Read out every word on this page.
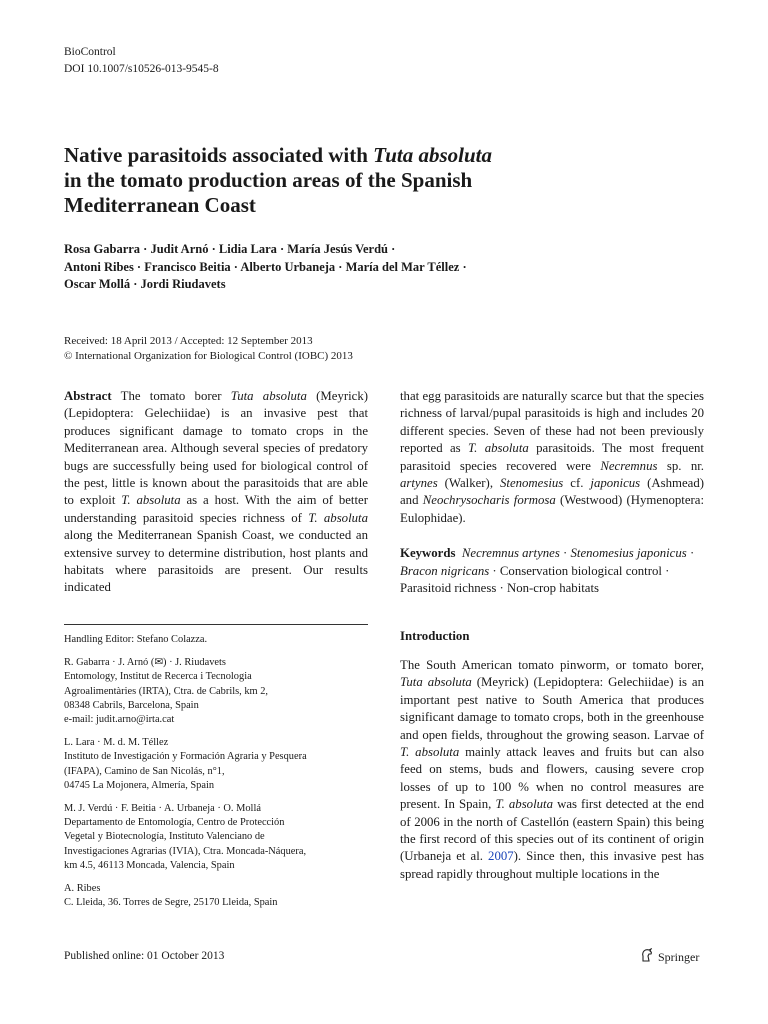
BioControl
DOI 10.1007/s10526-013-9545-8
Native parasitoids associated with Tuta absoluta
in the tomato production areas of the Spanish
Mediterranean Coast
Rosa Gabarra · Judit Arnó · Lidia Lara · María Jesús Verdú ·
Antoni Ribes · Francisco Beitia · Alberto Urbaneja · María del Mar Téllez ·
Oscar Mollá · Jordi Riudavets
Received: 18 April 2013 / Accepted: 12 September 2013
© International Organization for Biological Control (IOBC) 2013

Abstract The tomato borer Tuta absoluta (Meyrick) (Lepidoptera: Gelechiidae) is an invasive pest that produces significant damage to tomato crops in the Mediterranean area. Although several species of predatory bugs are successfully being used for biological control of the pest, little is known about the parasitoids that are able to exploit T. absoluta as a host. With the aim of better understanding parasitoid species richness of T. absoluta along the Mediterranean Spanish Coast, we conducted an extensive survey to determine distribution, host plants and habitats where parasitoids are present. Our results indicated

that egg parasitoids are naturally scarce but that the species richness of larval/pupal parasitoids is high and includes 20 different species. Seven of these had not been previously reported as T. absoluta parasitoids. The most frequent parasitoid species recovered were Necremnus sp. nr. artynes (Walker), Stenomesius cf. japonicus (Ashmead) and Neochrysocharis formosa (Westwood) (Hymenoptera: Eulophidae).

Keywords Necremnus artynes · Stenomesius japonicus · Bracon nigricans · Conservation biological control · Parasitoid richness · Non-crop habitats

Introduction

The South American tomato pinworm, or tomato borer, Tuta absoluta (Meyrick) (Lepidoptera: Gelechiidae) is an important pest native to South America that produces significant damage to tomato crops, both in the greenhouse and open fields, throughout the growing season. Larvae of T. absoluta mainly attack leaves and fruits but can also feed on stems, buds and flowers, causing severe crop losses of up to 100 % when no control measures are present. In Spain, T. absoluta was first detected at the end of 2006 in the north of Castellón (eastern Spain) this being the first record of this species out of its continent of origin (Urbaneja et al. 2007). Since then, this invasive pest has spread rapidly throughout multiple locations in the

Handling Editor: Stefano Colazza.
R. Gabarra · J. Arnó (✉) · J. Riudavets
Entomology, Institut de Recerca i Tecnologia
Agroalimentàries (IRTA), Ctra. de Cabrils, km 2,
08348 Cabrils, Barcelona, Spain
e-mail: judit.arno@irta.cat
L. Lara · M. d. M. Téllez
Instituto de Investigación y Formación Agraria y Pesquera
(IFAPA), Camino de San Nicolás, n°1,
04745 La Mojonera, Almería, Spain
M. J. Verdú · F. Beitia · A. Urbaneja · O. Mollá
Departamento de Entomología, Centro de Protección
Vegetal y Biotecnología, Instituto Valenciano de
Investigaciones Agrarias (IVIA), Ctra. Moncada-Náquera,
km 4.5, 46113 Moncada, Valencia, Spain
A. Ribes
C. Lleida, 36. Torres de Segre, 25170 Lleida, Spain
Published online: 01 October 2013	Springer
